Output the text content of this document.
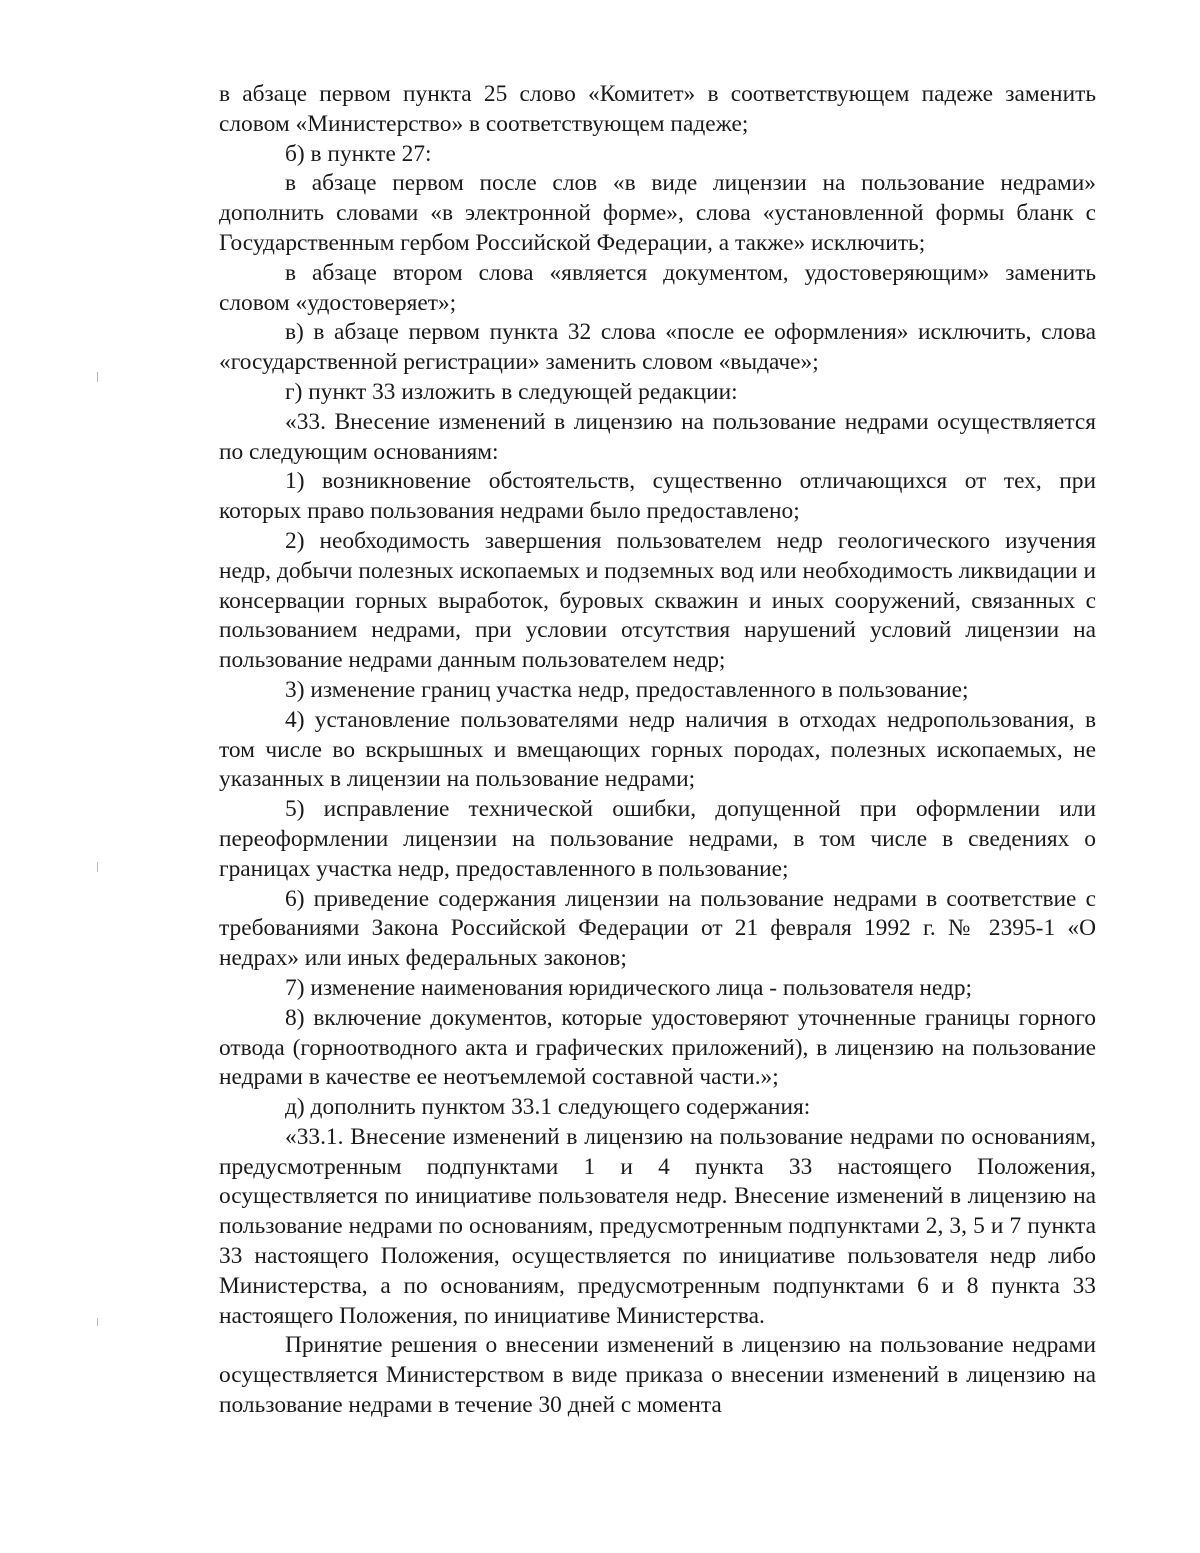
в абзаце первом пункта 25 слово «Комитет» в соответствующем падеже заменить словом «Министерство» в соответствующем падеже;

б) в пункте 27:

в абзаце первом после слов «в виде лицензии на пользование недрами» дополнить словами «в электронной форме», слова «установленной формы бланк с Государственным гербом Российской Федерации, а также» исключить;

в абзаце втором слова «является документом, удостоверяющим» заменить словом «удостоверяет»;

в) в абзаце первом пункта 32 слова «после ее оформления» исключить, слова «государственной регистрации» заменить словом «выдаче»;

г) пункт 33 изложить в следующей редакции:

«33. Внесение изменений в лицензию на пользование недрами осуществляется по следующим основаниям:

1) возникновение обстоятельств, существенно отличающихся от тех, при которых право пользования недрами было предоставлено;

2) необходимость завершения пользователем недр геологического изучения недр, добычи полезных ископаемых и подземных вод или необходимость ликвидации и консервации горных выработок, буровых скважин и иных сооружений, связанных с пользованием недрами, при условии отсутствия нарушений условий лицензии на пользование недрами данным пользователем недр;

3) изменение границ участка недр, предоставленного в пользование;

4) установление пользователями недр наличия в отходах недропользования, в том числе во вскрышных и вмещающих горных породах, полезных ископаемых, не указанных в лицензии на пользование недрами;

5) исправление технической ошибки, допущенной при оформлении или переоформлении лицензии на пользование недрами, в том числе в сведениях о границах участка недр, предоставленного в пользование;

6) приведение содержания лицензии на пользование недрами в соответствие с требованиями Закона Российской Федерации от 21 февраля 1992 г. № 2395-1 «О недрах» или иных федеральных законов;

7) изменение наименования юридического лица - пользователя недр;

8) включение документов, которые удостоверяют уточненные границы горного отвода (горноотводного акта и графических приложений), в лицензию на пользование недрами в качестве ее неотъемлемой составной части.»;

д) дополнить пунктом 33.1 следующего содержания:

«33.1. Внесение изменений в лицензию на пользование недрами по основаниям, предусмотренным подпунктами 1 и 4 пункта 33 настоящего Положения, осуществляется по инициативе пользователя недр. Внесение изменений в лицензию на пользование недрами по основаниям, предусмотренным подпунктами 2, 3, 5 и 7 пункта 33 настоящего Положения, осуществляется по инициативе пользователя недр либо Министерства, а по основаниям, предусмотренным подпунктами 6 и 8 пункта 33 настоящего Положения, по инициативе Министерства.

Принятие решения о внесении изменений в лицензию на пользование недрами осуществляется Министерством в виде приказа о внесении изменений в лицензию на пользование недрами в течение 30 дней с момента
